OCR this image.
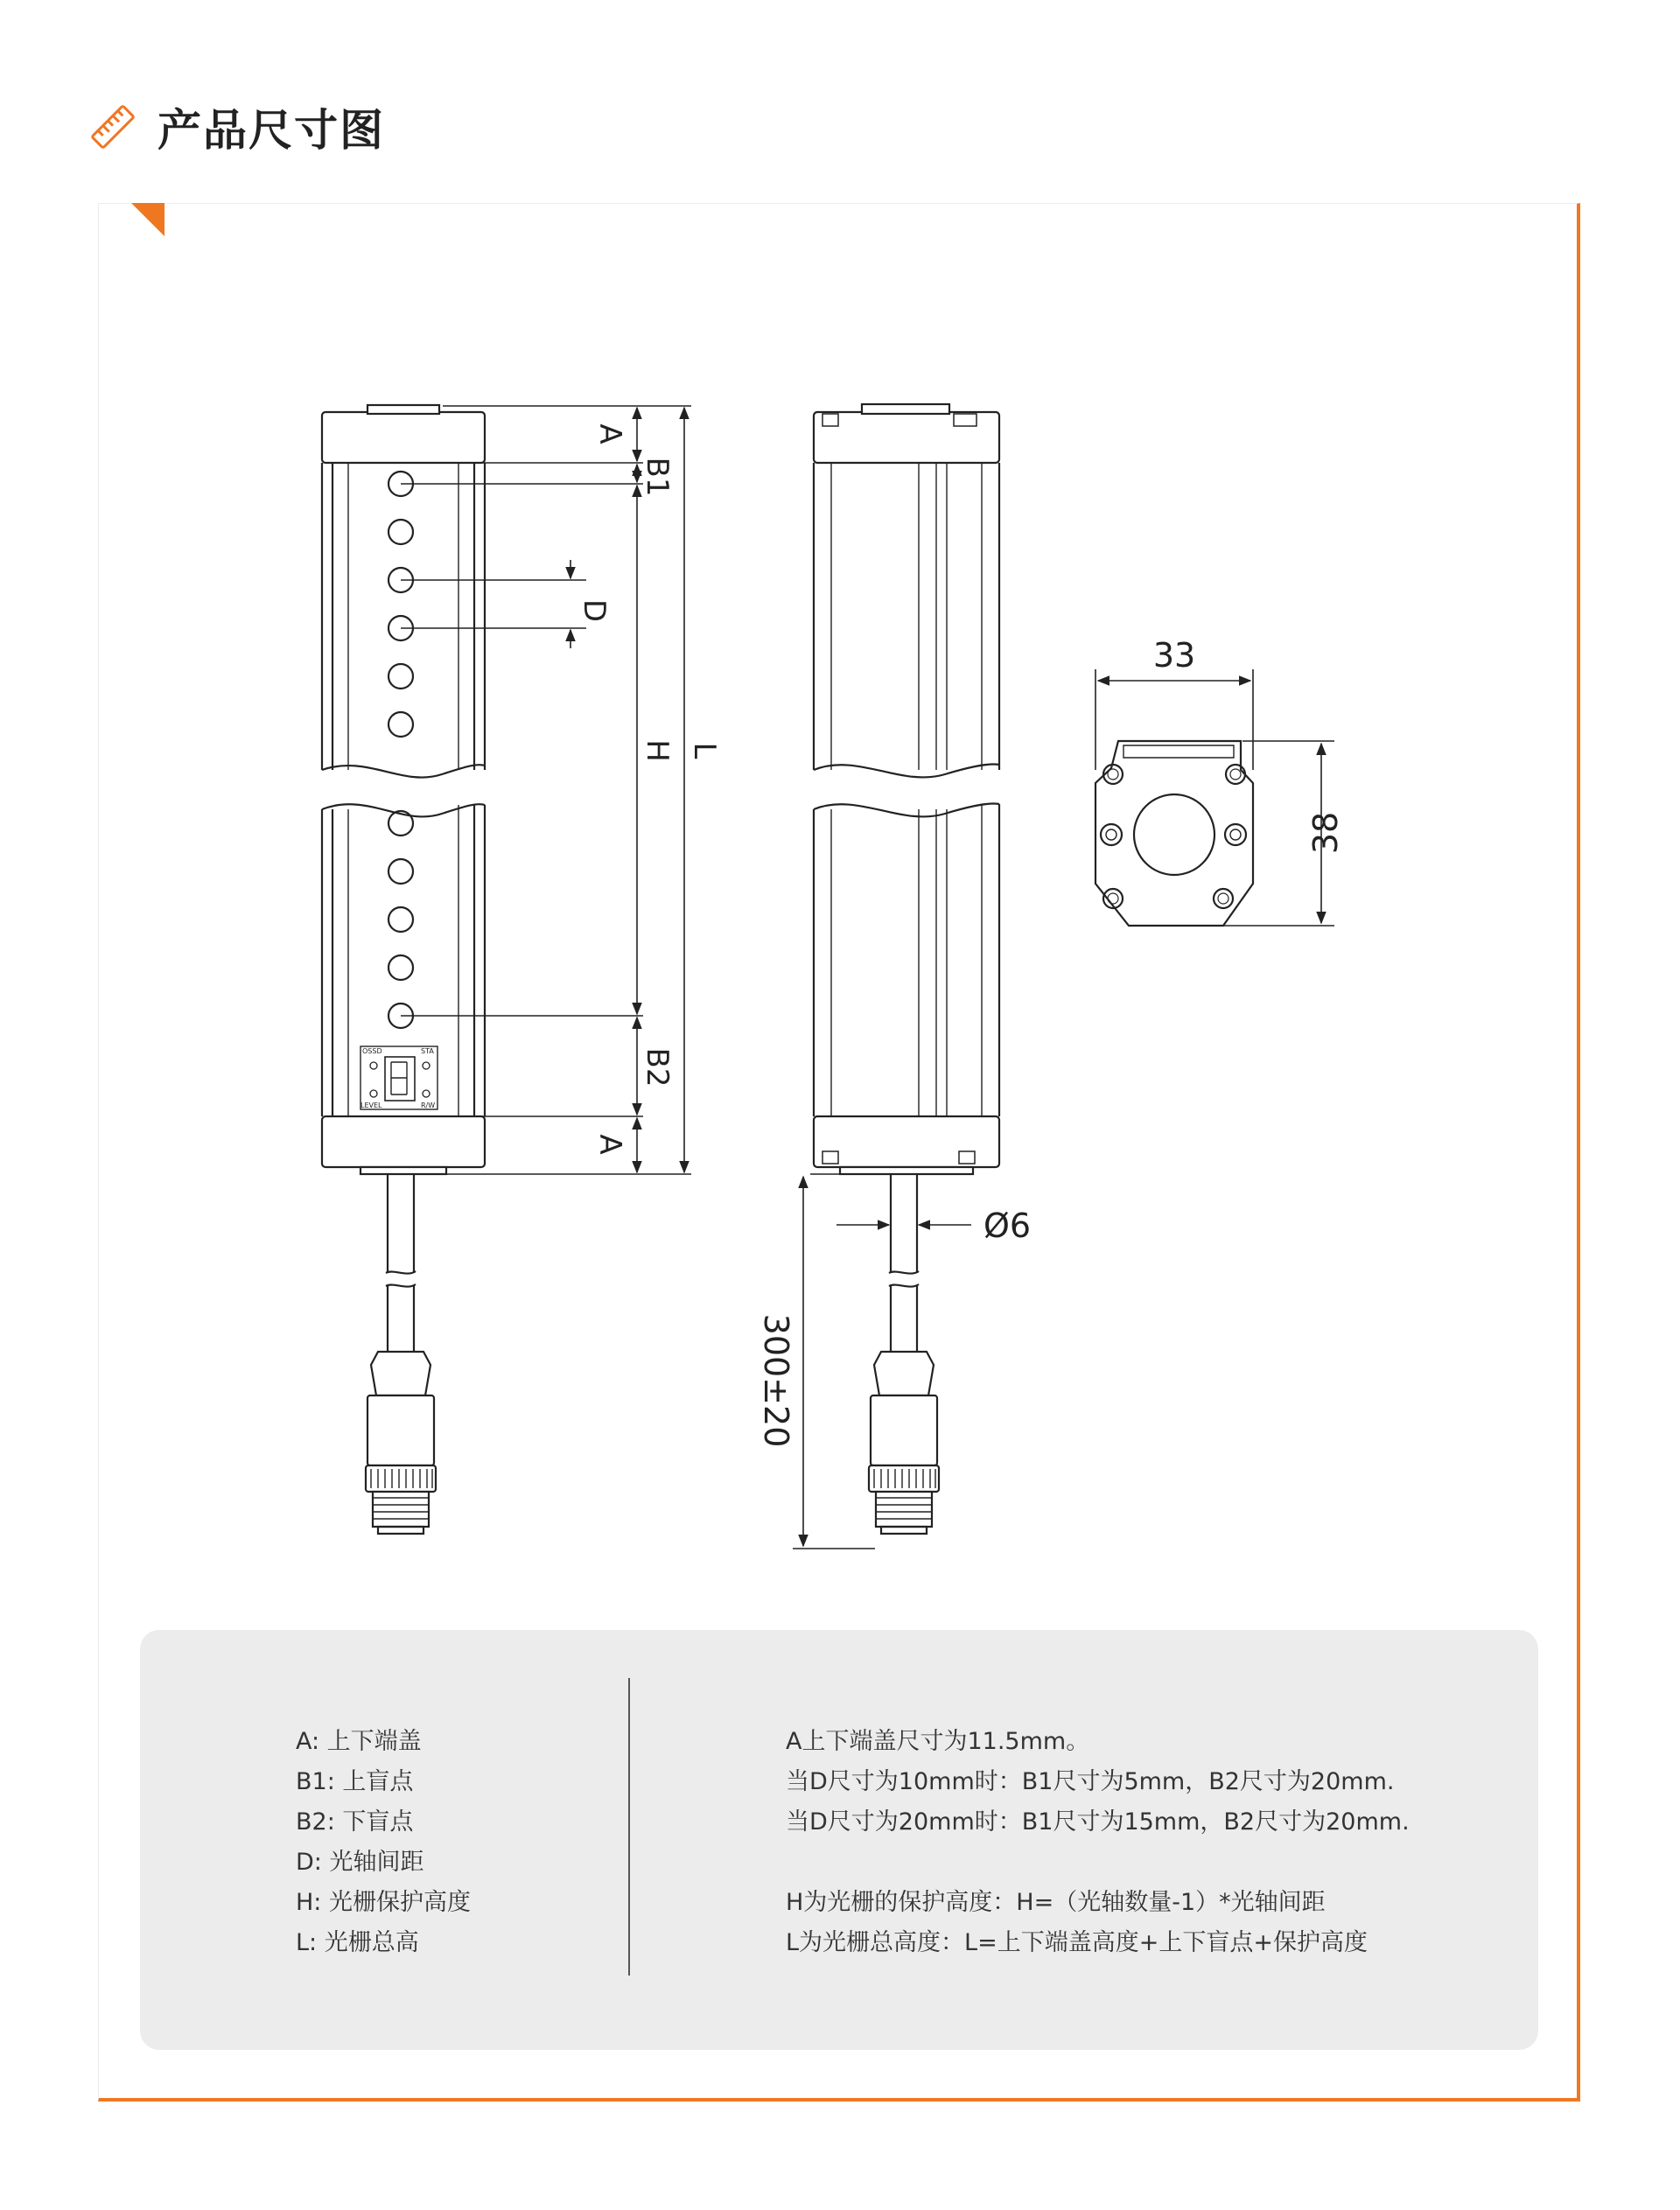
产品尺寸图
OSSD	STA
LEVEL	R/W
A
B1
D
H L
B2
A
Ø6
300±20
33
38
A: 上下端盖
B1: 上盲点
B2: 下盲点
D: 光轴间距
H: 光栅保护高度
L: 光栅总高
A上下端盖尺寸为11.5mm。
当D尺寸为10mm时：B1尺寸为5mm，B2尺寸为20mm.
当D尺寸为20mm时：B1尺寸为15mm，B2尺寸为20mm.
H为光栅的保护高度：H=（光轴数量-1）*光轴间距
L为光栅总高度：L=上下端盖高度+上下盲点+保护高度
